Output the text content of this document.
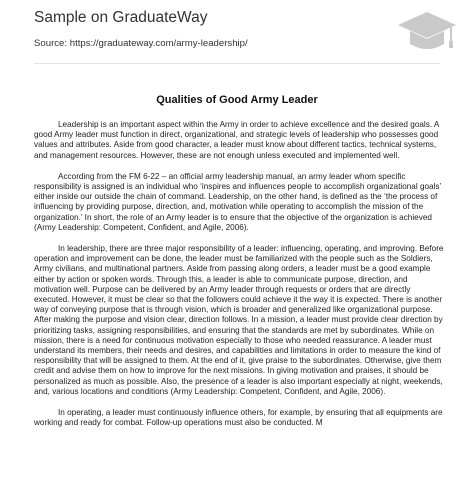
Sample on GraduateWay
Source: https://graduateway.com/army-leadership/
Qualities of Good Army Leader

Leadership is an important aspect within the Army in order to achieve excellence and the desired goals. A good Army leader must function in direct, organizational, and strategic levels of leadership who possesses good values and attributes. Aside from good character, a leader must know about different tactics, technical systems, and management resources. However, these are not enough unless executed and implemented well.

According from the FM 6-22 – an official army leadership manual, an army leader whom specific responsibility is assigned is an individual who ‘inspires and influences people to accomplish organizational goals’ either inside our outside the chain of command. Leadership, on the other hand, is defined as the ‘the process of influencing by providing purpose, direction, and, motivation while operating to accomplish the mission of the organization.’ In short, the role of an Army leader is to ensure that the objective of the organization is achieved (Army Leadership: Competent, Confident, and Agile, 2006).

In leadership, there are three major responsibility of a leader: influencing, operating, and improving. Before operation and improvement can be done, the leader must be familiarized with the people such as the Soldiers, Army civilians, and multinational partners. Aside from passing along orders, a leader must be a good example either by action or spoken words. Through this, a leader is able to communicate purpose, direction, and motivation well. Purpose can be delivered by an Army leader through requests or orders that are directly executed. However, it must be clear so that the followers could achieve it the way it is expected. There is another way of conveying purpose that is through vision, which is broader and generalized like organizational purpose. After making the purpose and vision clear, direction follows. In a mission, a leader must provide clear direction by prioritizing tasks, assigning responsibilities, and ensuring that the standards are met by subordinates. While on mission, there is a need for continuous motivation especially to those who needed reassurance. A leader must understand its members, their needs and desires, and capabilities and limitations in order to measure the kind of responsibility that will be assigned to them. At the end of it, give praise to the subordinates. Otherwise, give them credit and advise them on how to improve for the next missions. In giving motivation and praises, it should be personalized as much as possible. Also, the presence of a leader is also important especially at night, weekends, and, various locations and conditions (Army Leadership: Competent, Confident, and Agile, 2006).

In operating, a leader must continuously influence others, for example, by ensuring that all equipments are working and ready for combat. Follow-up operations must also be conducted. M
